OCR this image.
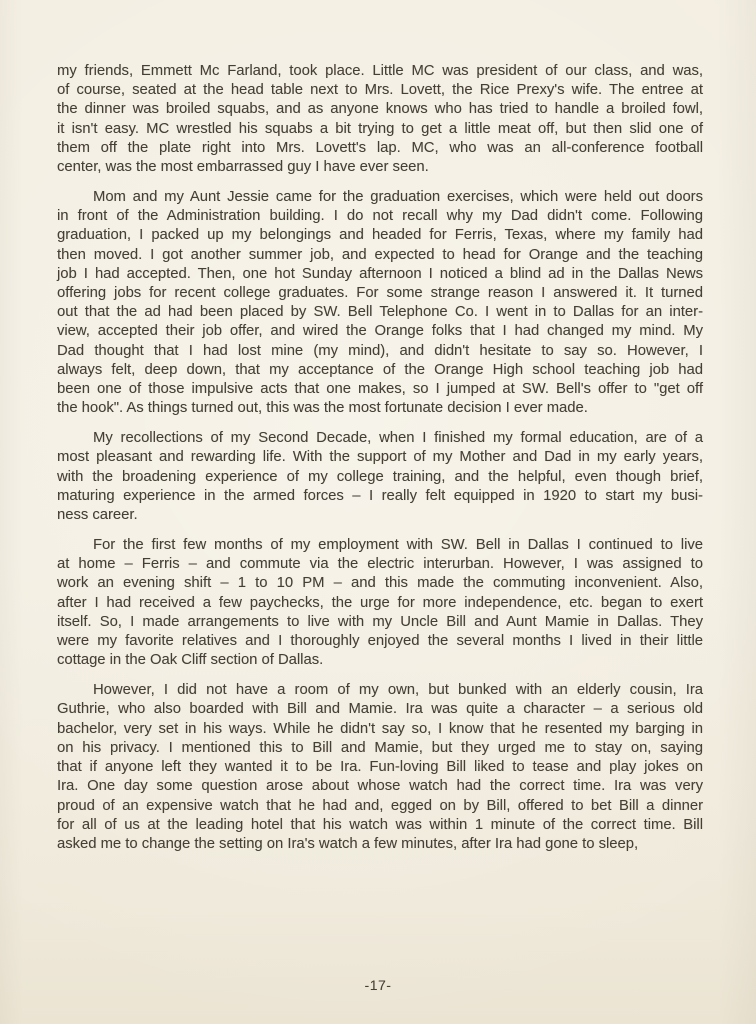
my friends, Emmett Mc Farland, took place. Little MC was president of our class, and was,
of course, seated at the head table next to Mrs. Lovett, the Rice Prexy's wife. The entree at
the dinner was broiled squabs, and as anyone knows who has tried to handle a broiled fowl,
it isn't easy. MC wrestled his squabs a bit trying to get a little meat off, but then slid one of
them off the plate right into Mrs. Lovett's lap. MC, who was an all-conference football
center, was the most embarrassed guy I have ever seen.
Mom and my Aunt Jessie came for the graduation exercises, which were held out doors
in front of the Administration building. I do not recall why my Dad didn't come. Following
graduation, I packed up my belongings and headed for Ferris, Texas, where my family had
then moved. I got another summer job, and expected to head for Orange and the teaching
job I had accepted. Then, one hot Sunday afternoon I noticed a blind ad in the Dallas News
offering jobs for recent college graduates. For some strange reason I answered it. It turned
out that the ad had been placed by SW. Bell Telephone Co. I went in to Dallas for an inter-
view, accepted their job offer, and wired the Orange folks that I had changed my mind. My
Dad thought that I had lost mine (my mind), and didn't hesitate to say so. However, I
always felt, deep down, that my acceptance of the Orange High school teaching job had
been one of those impulsive acts that one makes, so I jumped at SW. Bell's offer to "get off
the hook". As things turned out, this was the most fortunate decision I ever made.
My recollections of my Second Decade, when I finished my formal education, are of a
most pleasant and rewarding life. With the support of my Mother and Dad in my early years,
with the broadening experience of my college training, and the helpful, even though brief,
maturing experience in the armed forces – I really felt equipped in 1920 to start my busi-
ness career.
For the first few months of my employment with SW. Bell in Dallas I continued to live
at home – Ferris – and commute via the electric interurban. However, I was assigned to
work an evening shift – 1 to 10 PM – and this made the commuting inconvenient. Also,
after I had received a few paychecks, the urge for more independence, etc. began to exert
itself. So, I made arrangements to live with my Uncle Bill and Aunt Mamie in Dallas. They
were my favorite relatives and I thoroughly enjoyed the several months I lived in their little
cottage in the Oak Cliff section of Dallas.
However, I did not have a room of my own, but bunked with an elderly cousin, Ira
Guthrie, who also boarded with Bill and Mamie. Ira was quite a character – a serious old
bachelor, very set in his ways. While he didn't say so, I know that he resented my barging in
on his privacy. I mentioned this to Bill and Mamie, but they urged me to stay on, saying
that if anyone left they wanted it to be Ira. Fun-loving Bill liked to tease and play jokes on
Ira. One day some question arose about whose watch had the correct time. Ira was very
proud of an expensive watch that he had and, egged on by Bill, offered to bet Bill a dinner
for all of us at the leading hotel that his watch was within 1 minute of the correct time. Bill
asked me to change the setting on Ira's watch a few minutes, after Ira had gone to sleep,
-17-
